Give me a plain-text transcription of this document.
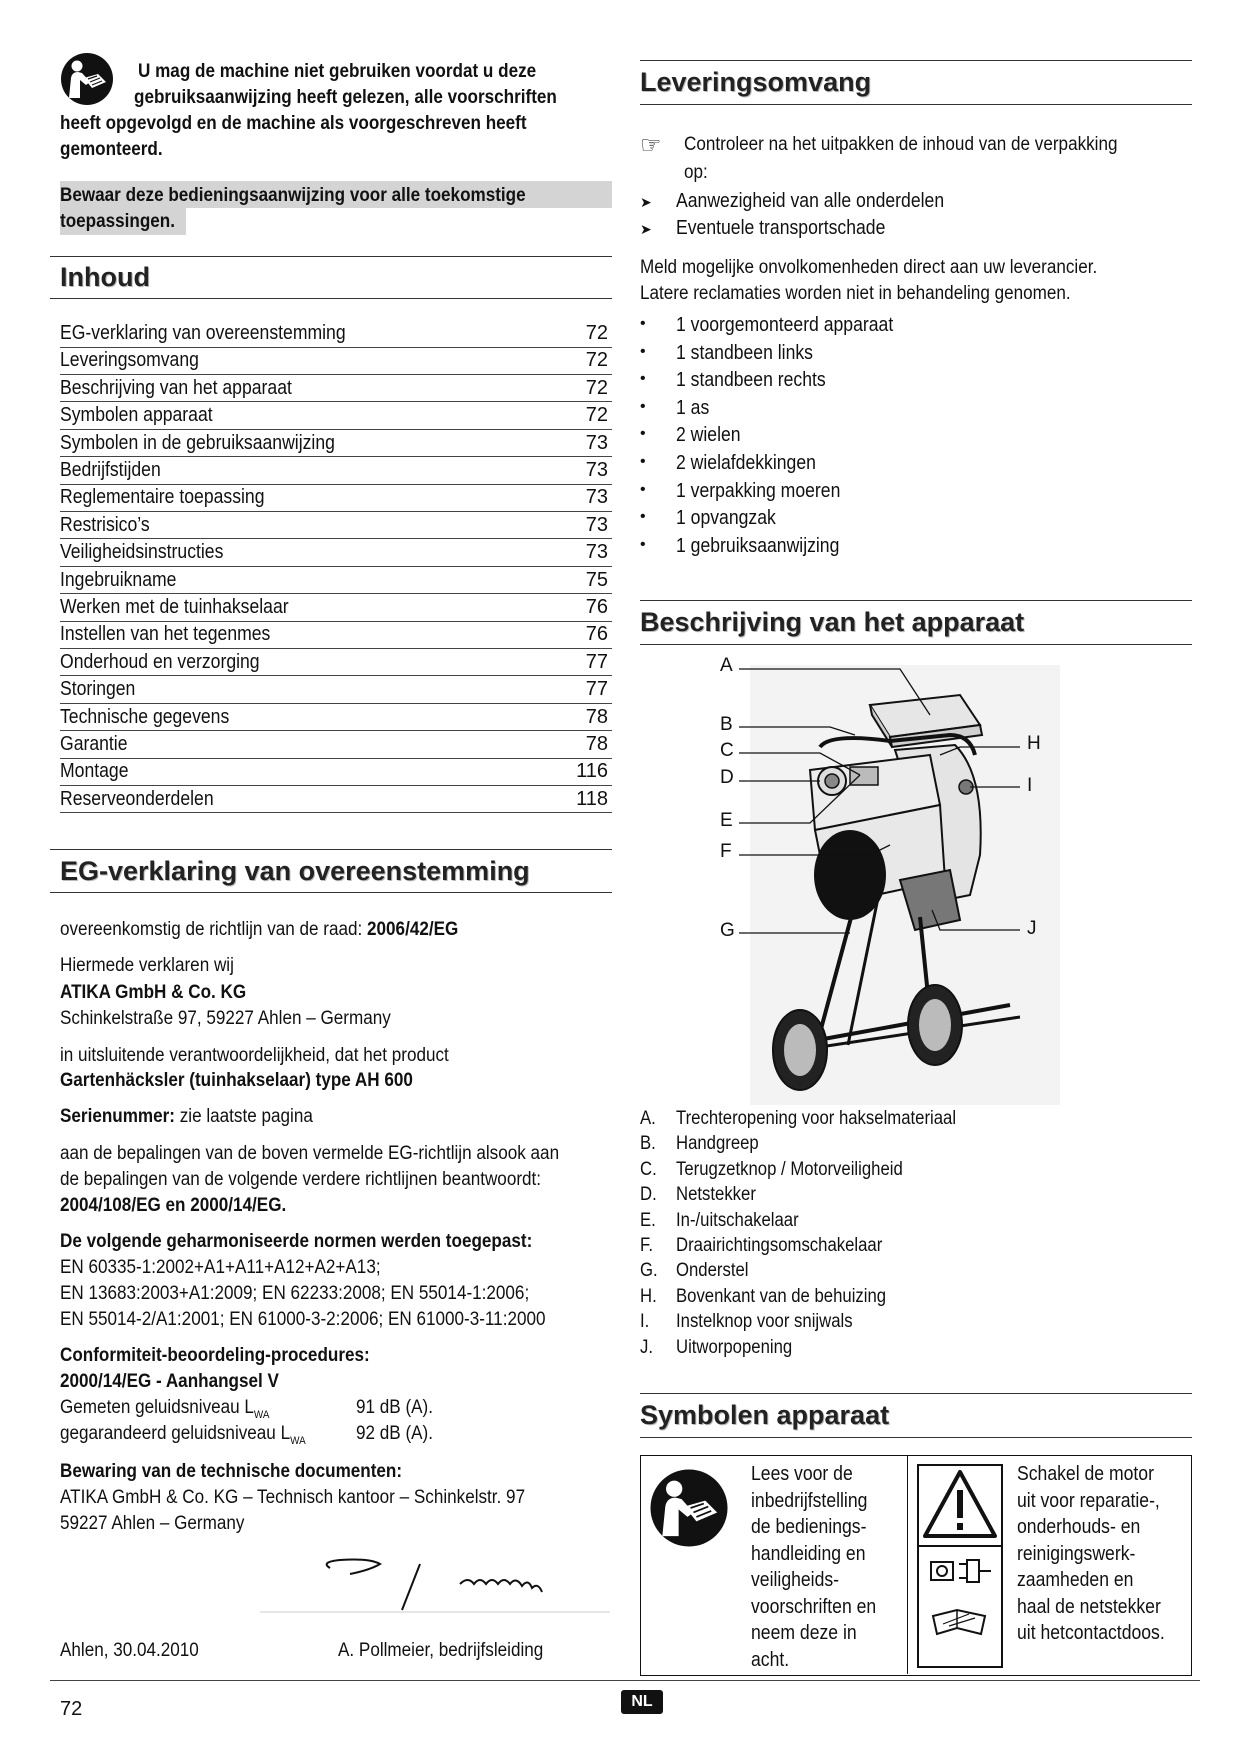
U mag de machine niet gebruiken voordat u deze
gebruiksaanwijzing heeft gelezen, alle voorschriften
heeft opgevolgd en de machine als voorgeschreven heeft
gemonteerd.
Bewaar deze bedieningsaanwijzing voor alle toekomstige
toepassingen.
Inhoud
EG-verklaring van overeenstemming	72
Leveringsomvang	72
Beschrijving van het apparaat	72
Symbolen apparaat	72
Symbolen in de gebruiksaanwijzing	73
Bedrijfstijden	73
Reglementaire toepassing	73
Restrisico’s	73
Veiligheidsinstructies	73
Ingebruikname	75
Werken met de tuinhakselaar	76
Instellen van het tegenmes	76
Onderhoud en verzorging	77
Storingen	77
Technische gegevens	78
Garantie	78
Montage	116
Reserveonderdelen	118
EG-verklaring van overeenstemming
overeenkomstig de richtlijn van de raad: 2006/42/EG
Hiermede verklaren wij
ATIKA GmbH & Co. KG
Schinkelstraße 97, 59227 Ahlen – Germany
in uitsluitende verantwoordelijkheid, dat het product
Gartenhäcksler (tuinhakselaar) type AH 600
Serienummer: zie laatste pagina
aan de bepalingen van de boven vermelde EG-richtlijn alsook aan
de bepalingen van de volgende verdere richtlijnen beantwoordt:
2004/108/EG en 2000/14/EG.
De volgende geharmoniseerde normen werden toegepast:
EN 60335-1:2002+A1+A11+A12+A2+A13;
EN 13683:2003+A1:2009; EN 62233:2008; EN 55014-1:2006;
EN 55014-2/A1:2001; EN 61000-3-2:2006; EN 61000-3-11:2000
Conformiteit-beoordeling-procedures:
2000/14/EG - Aanhangsel V
Gemeten geluidsniveau $L_{WA}$	91 dB (A).
gegarandeerd geluidsniveau $L_{WA}$	92 dB (A).
Bewaring van de technische documenten:
ATIKA GmbH & Co. KG – Technisch kantoor – Schinkelstr. 97
59227 Ahlen – Germany
Ahlen, 30.04.2010	A. Pollmeier, bedrijfsleiding
Leveringsomvang
☞ Controleer na het uitpakken de inhoud van de verpakking
op:
➤ Aanwezigheid van alle onderdelen
➤ Eventuele transportschade
Meld mogelijke onvolkomenheden direct aan uw leverancier.
Latere reclamaties worden niet in behandeling genomen.
• 1 voorgemonteerd apparaat
• 1 standbeen links
• 1 standbeen rechts
• 1 as
• 2 wielen
• 2 wielafdekkingen
• 1 verpakking moeren
• 1 opvangzak
• 1 gebruiksaanwijzing
Beschrijving van het apparaat
A
B
C
D
E
F
G
H
I
J
A. Trechteropening voor hakselmateriaal
B. Handgreep
C. Terugzetknop / Motorveiligheid
D. Netstekker
E. In-/uitschakelaar
F. Draairichtingsomschakelaar
G. Onderstel
H. Bovenkant van de behuizing
I. Instelknop voor snijwals
J. Uitworpopening
Symbolen apparaat
Lees voor de
inbedrijfstelling
de bedienings-
handleiding en
veiligheids-
voorschriften en
neem deze in
acht.
Schakel de motor
uit voor reparatie-,
onderhouds- en
reinigingswerk-
zaamheden en
haal de netstekker
uit hetcontactdoos.
72	NL
